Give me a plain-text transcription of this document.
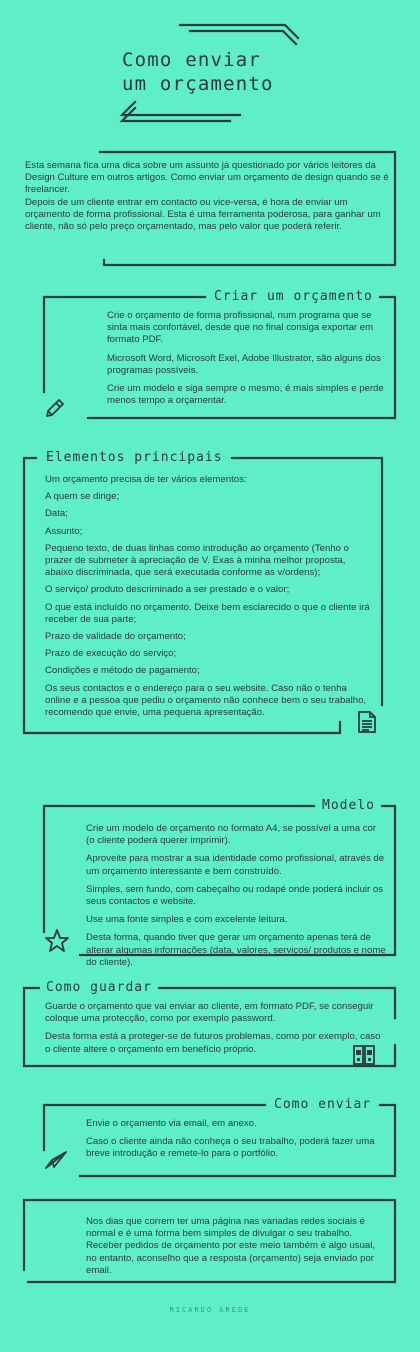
Como enviar
um orçamento
Esta semana fica uma dica sobre um assunto já questionado por vários leitores da Design Culture em outros artigos. Como enviar um orçamento de design quando se é freelancer.
Depois de um cliente entrar em contacto ou vice-versa, é hora de enviar um orçamento de forma profissional. Esta é uma ferramenta poderosa, para ganhar um cliente, não só pelo preço orçamentado, mas pelo valor que poderá referir.
Criar um orçamento

Crie o orçamento de forma profissional, num programa que se sinta mais confortável, desde que no final consiga exportar em formato PDF.

Microsoft Word, Microsoft Exel, Adobe Illustrator, são alguns dos programas possíveis.

Crie um modelo e siga sempre o mesmo, é mais simples e perde menos tempo a orçamentar.

Elementos principais
Um orçamento precisa de ter vários elementos:
A quem se dirige;
Data;
Assunto;
Pequeno texto, de duas linhas como introdução ao orçamento (Tenho o prazer de submeter à apreciação de V. Exas à minha melhor proposta, abaixo discriminada, que será executada conforme as v/ordens);
O serviço/ produto descriminado a ser prestado e o valor;
O que está incluído no orçamento. Deixe bem esclarecido o que o cliente irá receber de sua parte;
Prazo de validade do orçamento;
Prazo de execução do serviço;
Condições e método de pagamento;
Os seus contactos e o endereço para o seu website. Caso não o tenha online e a pessoa que pediu o orçamento não conhece bem o seu trabalho, recomendo que envie, uma pequena apresentação.
Modelo

Crie um modelo de orçamento no formato A4, se possível a uma cor (o cliente poderá querer imprimir).

Aproveite para mostrar a sua identidade como profissional, através de um orçamento interessante e bem construído.

Simples, sem fundo, com cabeçalho ou rodapé onde poderá incluir os seus contactos e website.

Use uma fonte simples e com excelente leitura.

Desta forma, quando tiver que gerar um orçamento apenas terá de alterar algumas informações (data, valores, serviços/ produtos e nome do cliente).

Como guardar

Guarde o orçamento que vai enviar ao cliente, em formato PDF, se conseguir coloque uma protecção, como por exemplo password.

Desta forma está a proteger-se de futuros problemas, como por exemplo, caso o cliente altere o orçamento em benefício próprio.

Como enviar

Envie o orçamento via email, em anexo.

Caso o cliente ainda não conheça o seu trabalho, poderá fazer uma breve introdução e remete-lo para o portfólio.

Nos dias que correm ter uma página nas variadas redes sociais é normal e é uma forma bem simples de divulgar o seu trabalho. Receber pedidos de orçamento por este meio também é algo usual, no entanto, aconselho que a resposta (orçamento) seja enviado por email.
RICARDO AREDE
